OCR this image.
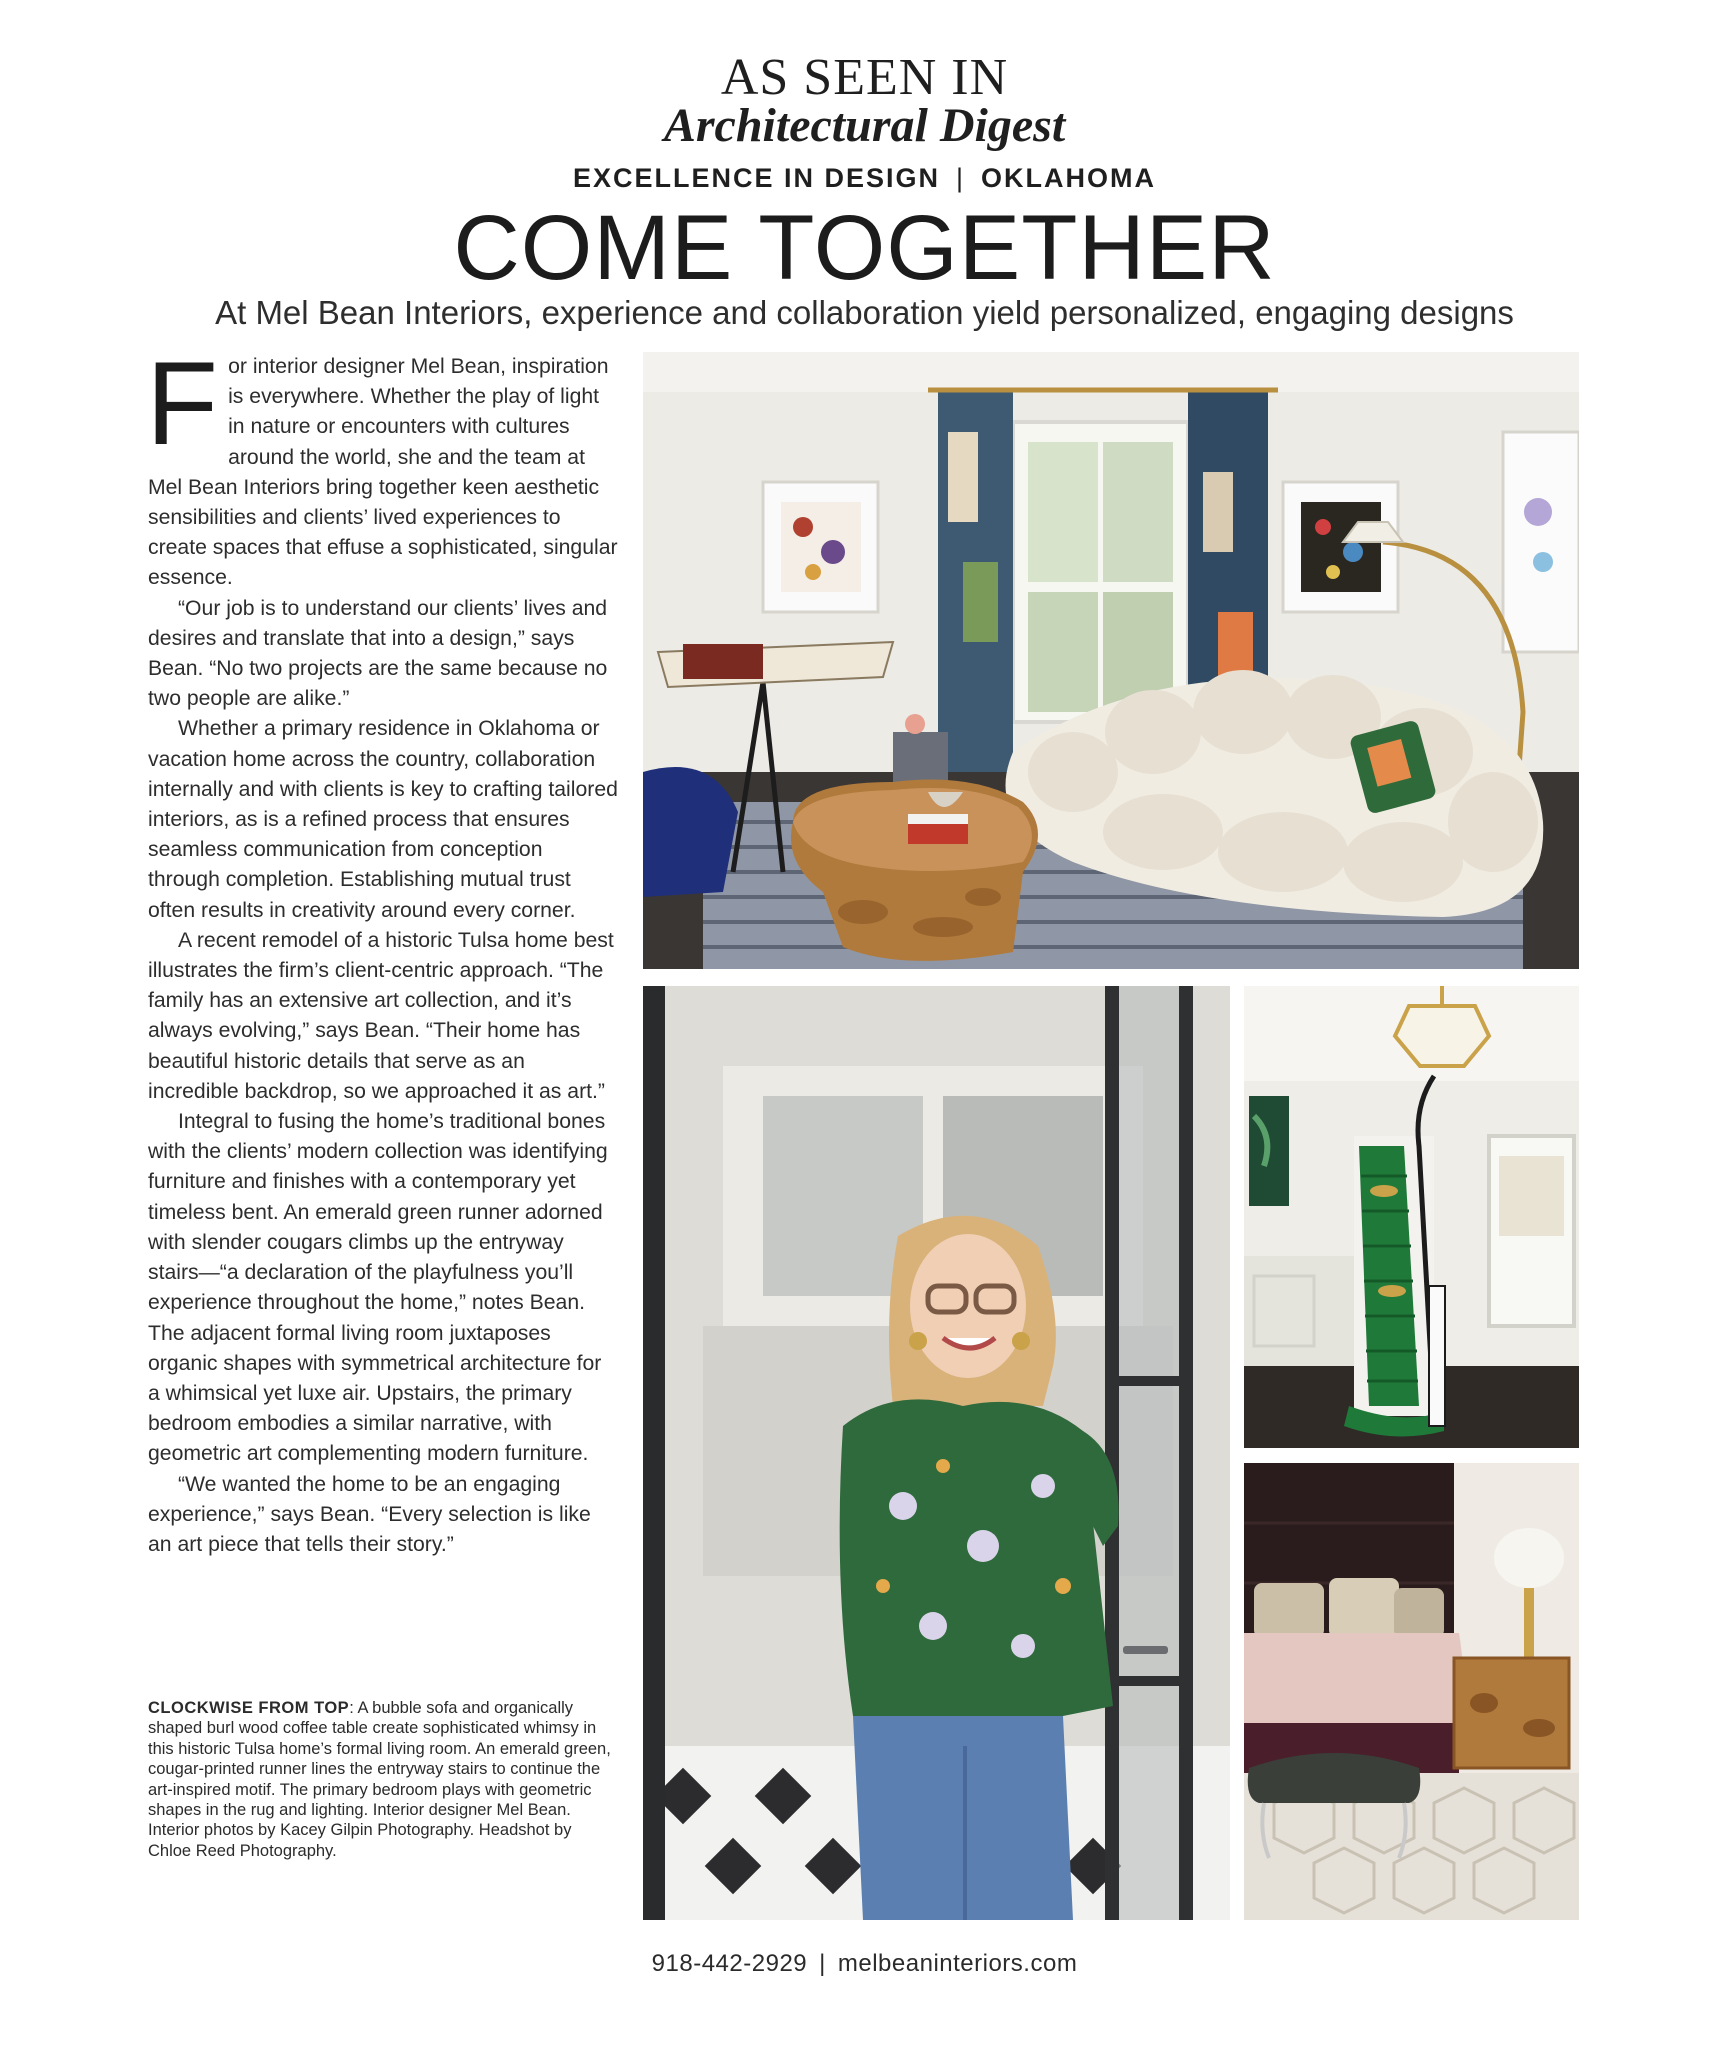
AS SEEN IN
Architectural Digest
EXCELLENCE IN DESIGN | OKLAHOMA
COME TOGETHER
At Mel Bean Interiors, experience and collaboration yield personalized, engaging designs

For interior designer Mel Bean, inspiration is everywhere. Whether the play of light in nature or encounters with cultures around the world, she and the team at Mel Bean Interiors bring together keen aesthetic sensibilities and clients’ lived experiences to create spaces that effuse a sophisticated, singular essence.

“Our job is to understand our clients’ lives and desires and translate that into a design,” says Bean. “No two projects are the same because no two people are alike.”

Whether a primary residence in Oklahoma or vacation home across the country, collaboration internally and with clients is key to crafting tailored interiors, as is a refined process that ensures seamless communication from conception through completion. Establishing mutual trust often results in creativity around every corner.

A recent remodel of a historic Tulsa home best illustrates the firm’s client-centric approach. “The family has an extensive art collection, and it’s always evolving,” says Bean. “Their home has beautiful historic details that serve as an incredible backdrop, so we approached it as art.”

Integral to fusing the home’s traditional bones with the clients’ modern collection was identifying furniture and finishes with a contemporary yet timeless bent. An emerald green runner adorned with slender cougars climbs up the entryway stairs—“a declaration of the playfulness you’ll experience throughout the home,” notes Bean. The adjacent formal living room juxtaposes organic shapes with symmetrical architecture for a whimsical yet luxe air. Upstairs, the primary bedroom embodies a similar narrative, with geometric art complementing modern furniture.

“We wanted the home to be an engaging experience,” says Bean. “Every selection is like an art piece that tells their story.”

CLOCKWISE FROM TOP: A bubble sofa and organically shaped burl wood coffee table create sophisticated whimsy in this historic Tulsa home’s formal living room. An emerald green, cougar-printed runner lines the entryway stairs to continue the art-inspired motif. The primary bedroom plays with geometric shapes in the rug and lighting. Interior designer Mel Bean. Interior photos by Kacey Gilpin Photography. Headshot by Chloe Reed Photography.
918-442-2929 | melbeaninteriors.com
